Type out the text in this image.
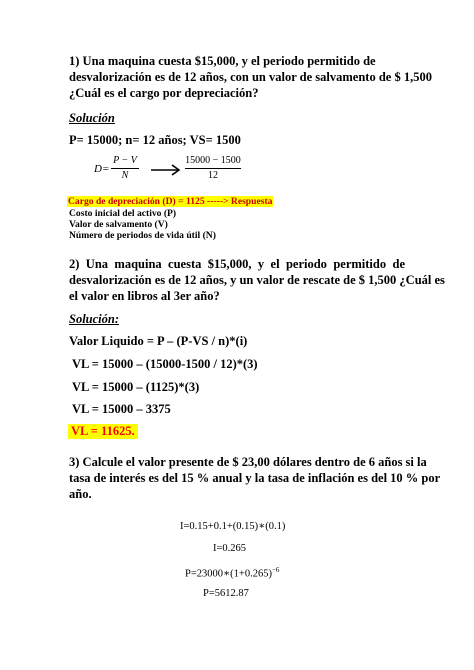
1) Una maquina cuesta $15,000, y el periodo permitido de
desvalorización es de 12 años, con un valor de salvamento de $ 1,500
¿Cuál es el cargo por depreciación?
Solución
P= 15000; n= 12 años; VS= 1500
D=
P − V
N
15000 − 1500
12
Cargo de depreciación (D) = 1125 -----> Respuesta
Costo inicial del activo (P)
Valor de salvamento (V)
Número de periodos de vida útil (N)
2) Una maquina cuesta $15,000, y el periodo permitido de
desvalorización es de 12 años, y un valor de rescate de $ 1,500 ¿Cuál es
el valor en libros al 3er año?
Solución:
Valor Liquido = P – (P-VS / n)*(i)
VL = 15000 – (15000-1500 / 12)*(3)
VL = 15000 – (1125)*(3)
VL = 15000 – 3375
VL = 11625.
3) Calcule el valor presente de $ 23,00 dólares dentro de 6 años si la
tasa de interés es del 15 % anual y la tasa de inflación es del 10 % por
año.
I=0.15+0.1+(0.15)∗(0.1)
I=0.265
$P=23000∗(1+0.265)^{-6}$
P=5612.87
